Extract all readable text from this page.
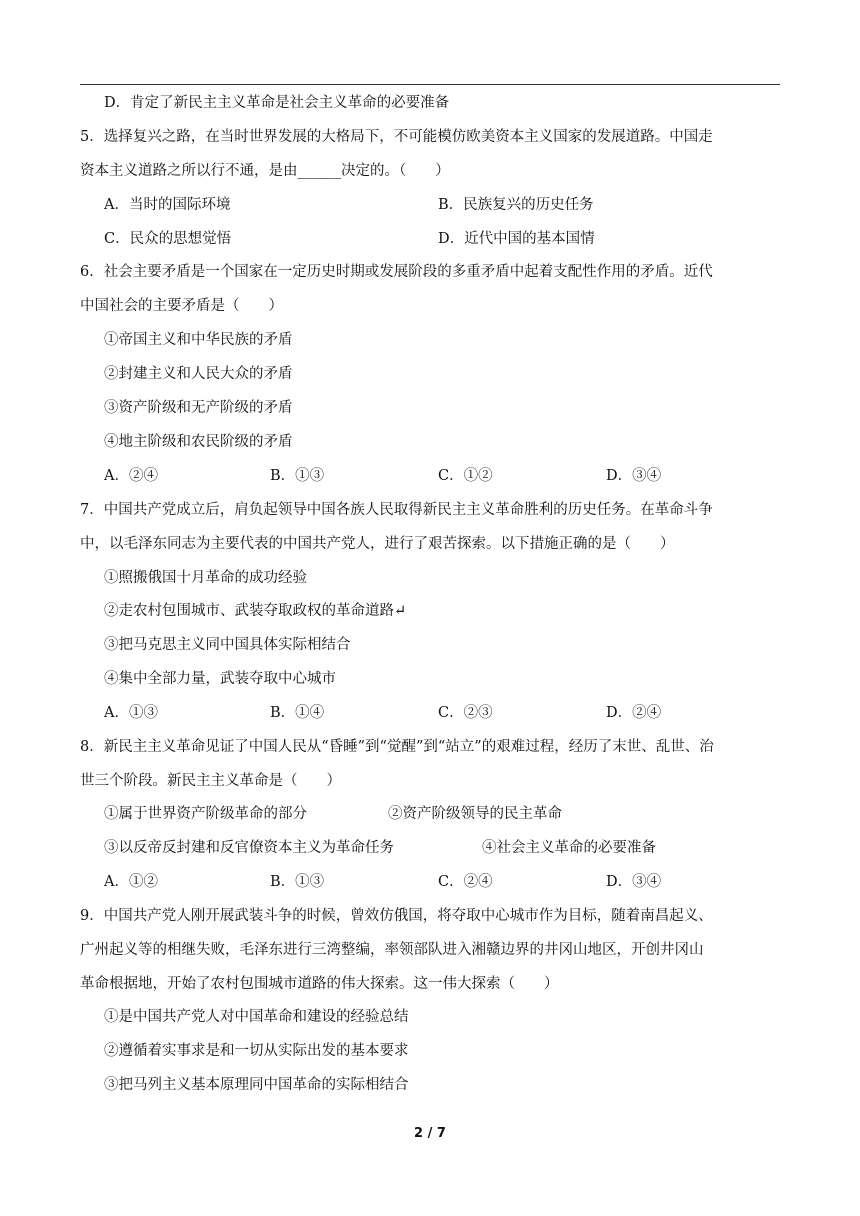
D．肯定了新民主主义革命是社会主义革命的必要准备
5．选择复兴之路，在当时世界发展的大格局下，不可能模仿欧美资本主义国家的发展道路。中国走
资本主义道路之所以行不通，是由______决定的。（　　）
A．当时的国际环境	B．民族复兴的历史任务
C．民众的思想觉悟	D．近代中国的基本国情
6．社会主要矛盾是一个国家在一定历史时期或发展阶段的多重矛盾中起着支配性作用的矛盾。近代
中国社会的主要矛盾是（　　）
①帝国主义和中华民族的矛盾
②封建主义和人民大众的矛盾
③资产阶级和无产阶级的矛盾
④地主阶级和农民阶级的矛盾
A．②④	B．①③	C．①②	D．③④
7．中国共产党成立后，肩负起领导中国各族人民取得新民主主义革命胜利的历史任务。在革命斗争
中，以毛泽东同志为主要代表的中国共产党人，进行了艰苦探索。以下措施正确的是（　　）
①照搬俄国十月革命的成功经验
②走农村包围城市、武装夺取政权的革命道路↵
③把马克思主义同中国具体实际相结合
④集中全部力量，武装夺取中心城市
A．①③	B．①④	C．②③	D．②④
8．新民主主义革命见证了中国人民从“昏睡”到“觉醒”到“站立”的艰难过程，经历了末世、乱世、治
世三个阶段。新民主主义革命是（　　）
①属于世界资产阶级革命的部分	②资产阶级领导的民主革命
③以反帝反封建和反官僚资本主义为革命任务	④社会主义革命的必要准备
A．①②	B．①③	C．②④	D．③④
9．中国共产党人刚开展武装斗争的时候，曾效仿俄国，将夺取中心城市作为目标，随着南昌起义、
广州起义等的相继失败，毛泽东进行三湾整编，率领部队进入湘赣边界的井冈山地区，开创井冈山
革命根据地，开始了农村包围城市道路的伟大探索。这一伟大探索（　　）
①是中国共产党人对中国革命和建设的经验总结
②遵循着实事求是和一切从实际出发的基本要求
③把马列主义基本原理同中国革命的实际相结合
2 / 7
